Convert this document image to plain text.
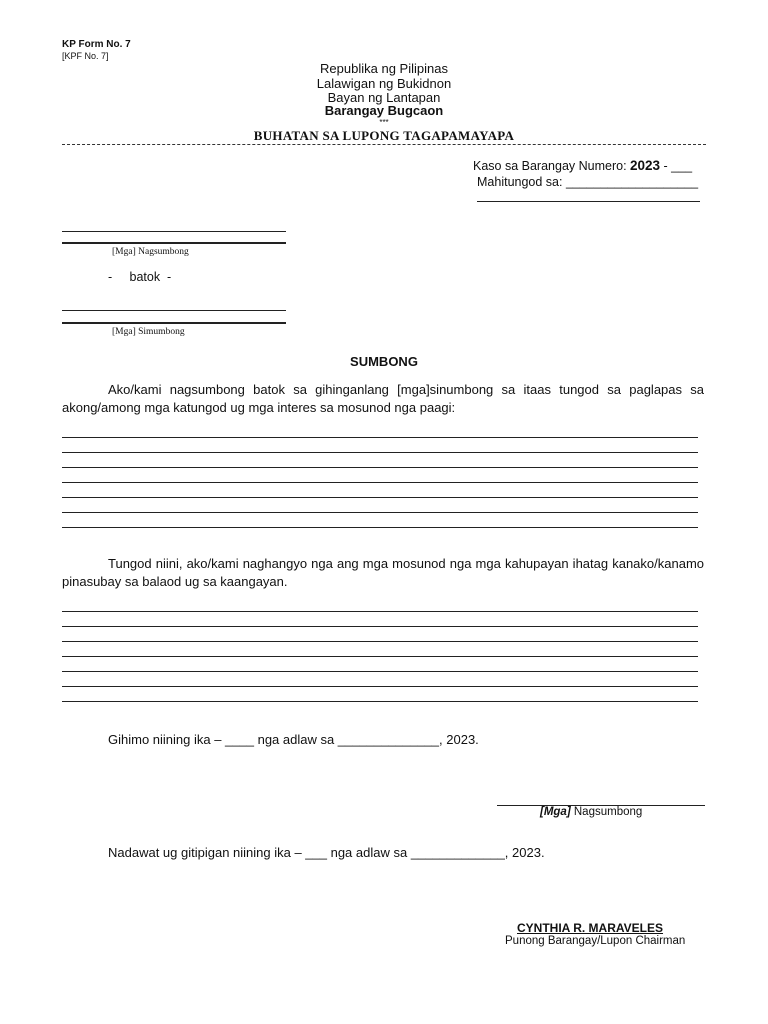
KP Form No. 7
[KPF No. 7]
Republika ng Pilipinas
Lalawigan ng Bukidnon
Bayan ng Lantapan
Barangay Bugcaon
***
BUHATAN SA LUPONG TAGAPAMAYAPA
Kaso sa Barangay Numero: 2023 - ___
Mahitungod sa: ___________________
[Mga] Nagsumbong
-     batok  -
[Mga] Simumbong
SUMBONG
Ako/kami nagsumbong batok sa gihinganlang [mga]sinumbong sa itaas tungod sa paglapas sa akong/among mga katungod ug mga interes sa mosunod nga paagi:
Tungod niini, ako/kami naghangyo nga ang mga mosunod nga mga kahupayan ihatag kanako/kanamo pinasubay sa balaod ug sa kaangayan.
Gihimo niining ika – ____ nga adlaw sa ______________, 2023.
[Mga] Nagsumbong
Nadawat ug gitipigan niining ika – ___ nga adlaw sa _____________, 2023.
CYNTHIA R. MARAVELES
Punong Barangay/Lupon Chairman
